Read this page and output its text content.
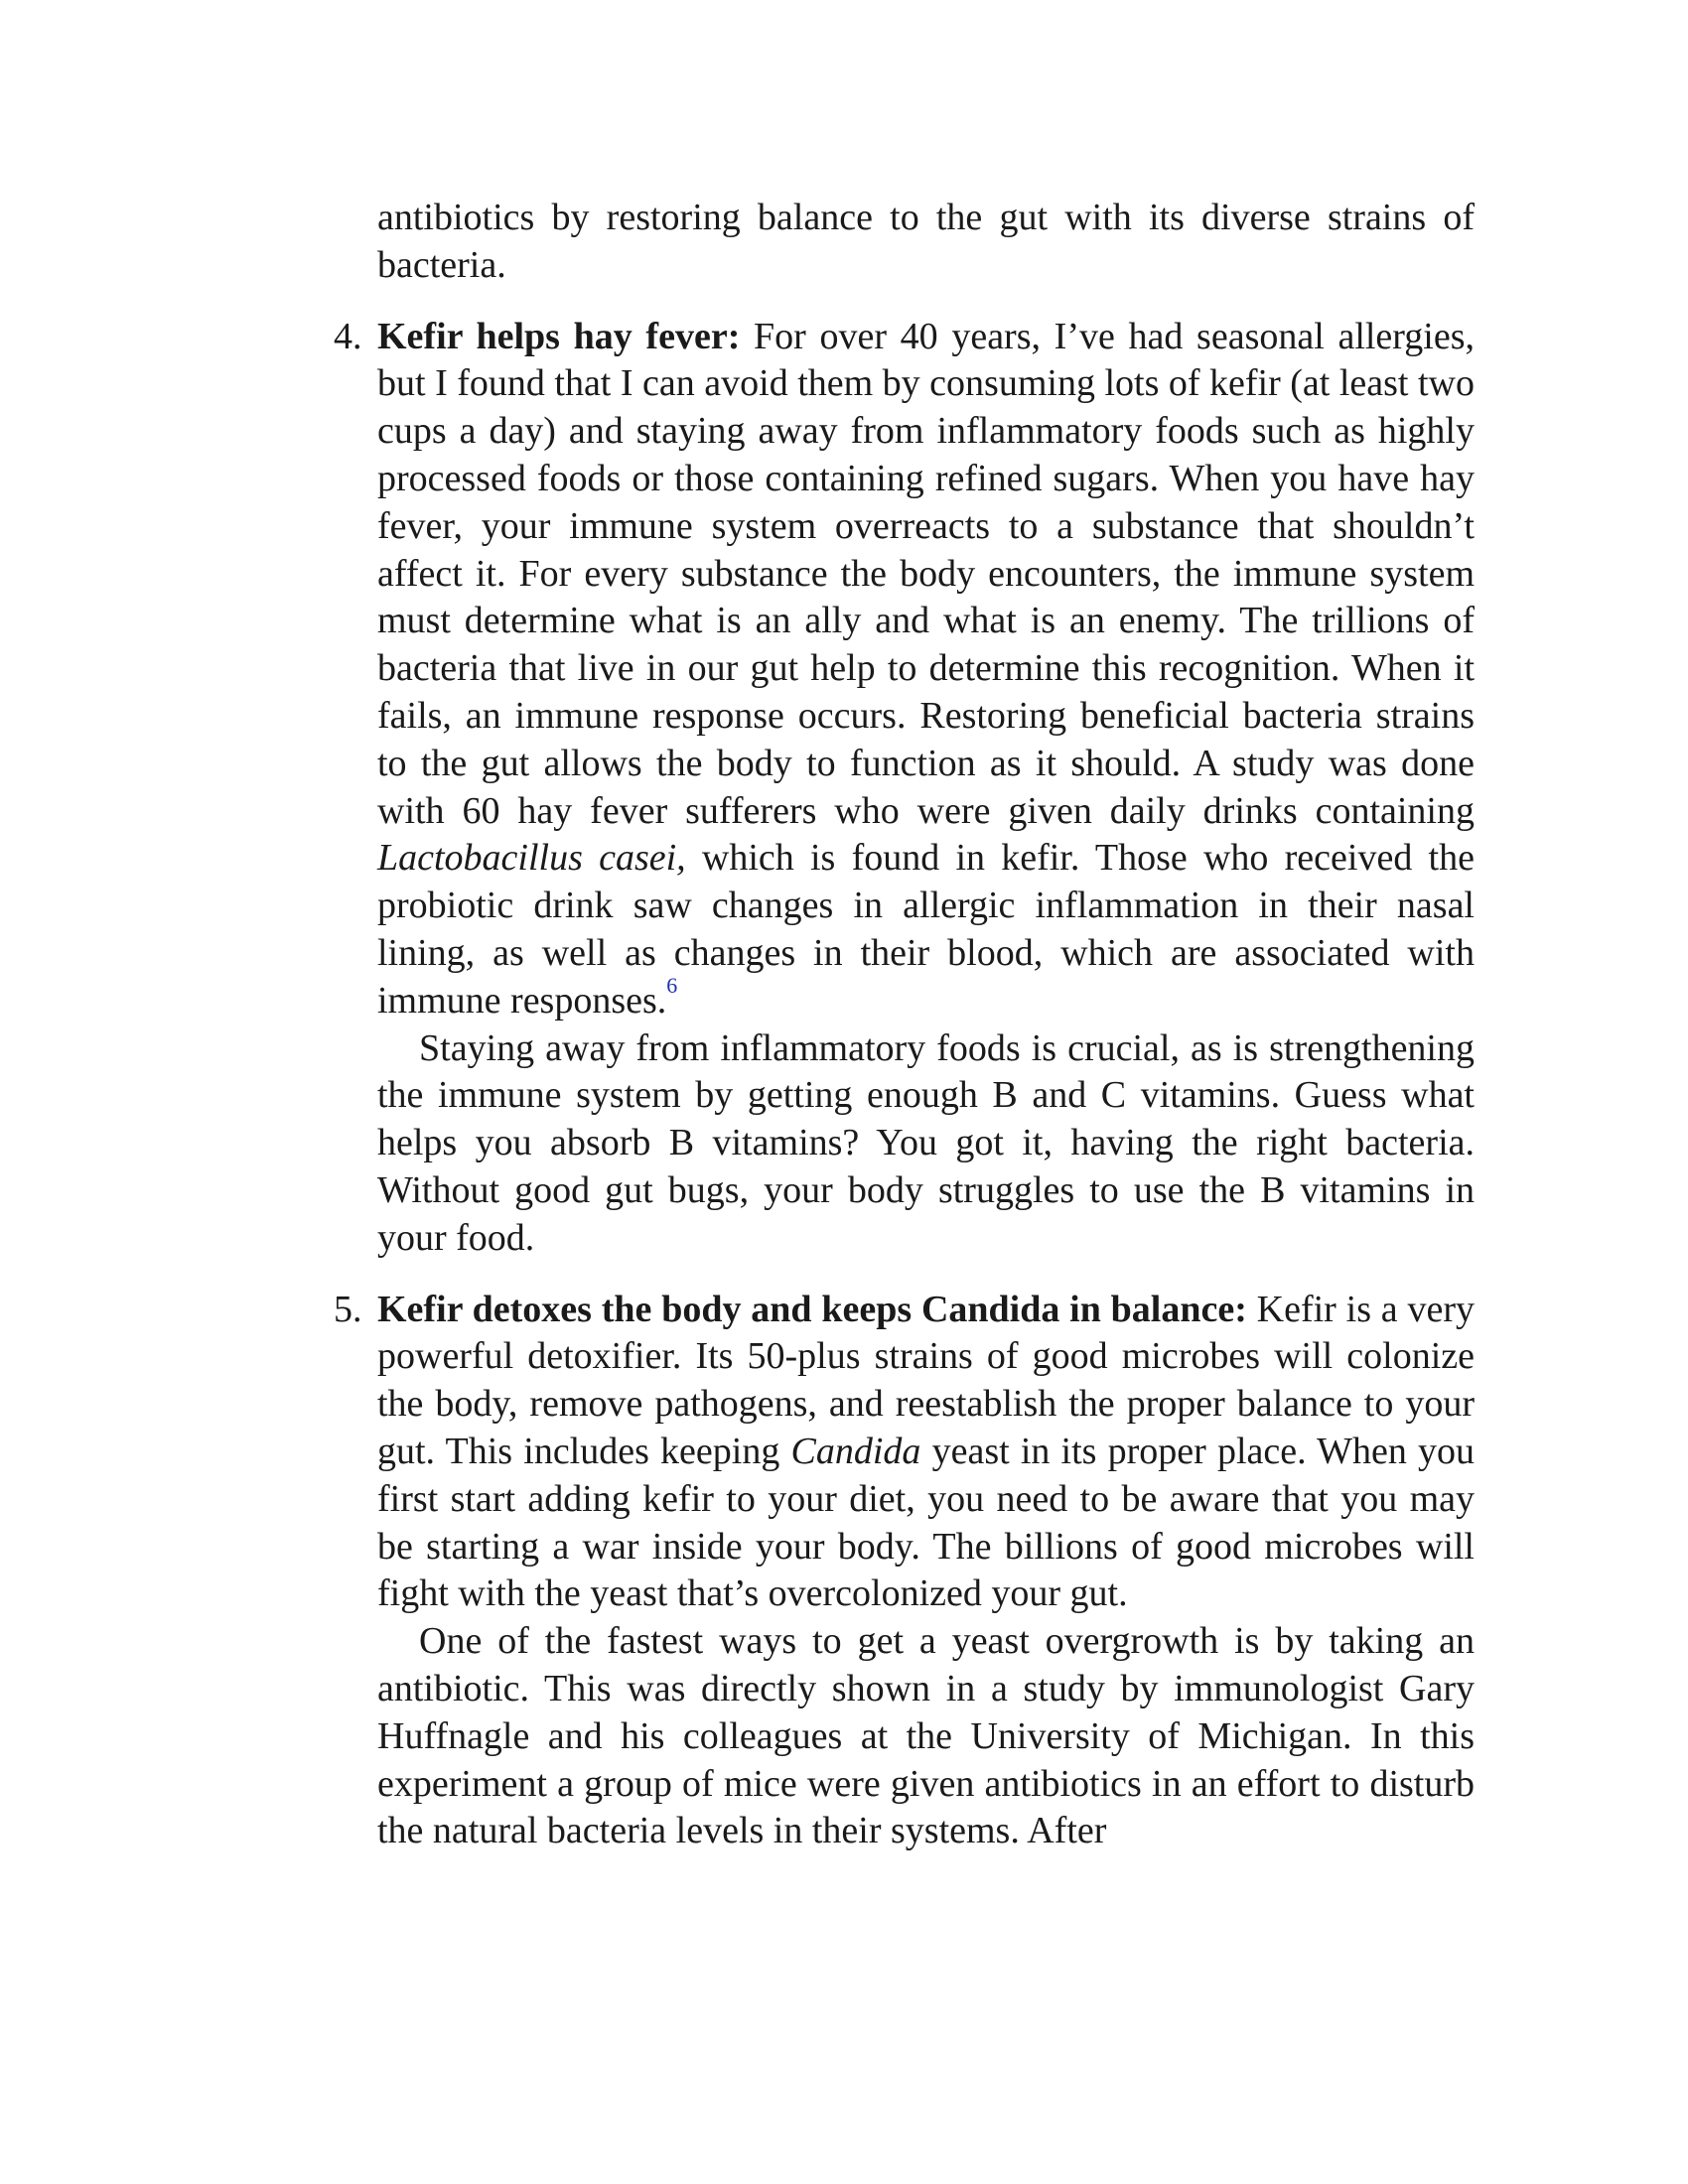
antibiotics by restoring balance to the gut with its diverse strains of bacteria.

4. Kefir helps hay fever: For over 40 years, I’ve had seasonal allergies, but I found that I can avoid them by consuming lots of kefir (at least two cups a day) and staying away from inflammatory foods such as highly processed foods or those containing refined sugars. When you have hay fever, your immune system overreacts to a substance that shouldn’t affect it. For every substance the body encounters, the immune system must determine what is an ally and what is an enemy. The trillions of bacteria that live in our gut help to determine this recognition. When it fails, an immune response occurs. Restoring beneficial bacteria strains to the gut allows the body to function as it should. A study was done with 60 hay fever sufferers who were given daily drinks containing Lactobacillus casei, which is found in kefir. Those who received the probiotic drink saw changes in allergic inflammation in their nasal lining, as well as changes in their blood, which are associated with immune responses.$^6$

Staying away from inflammatory foods is crucial, as is strengthening the immune system by getting enough B and C vitamins. Guess what helps you absorb B vitamins? You got it, having the right bacteria. Without good gut bugs, your body struggles to use the B vitamins in your food.

5. Kefir detoxes the body and keeps Candida in balance: Kefir is a very powerful detoxifier. Its 50-plus strains of good microbes will colonize the body, remove pathogens, and reestablish the proper balance to your gut. This includes keeping Candida yeast in its proper place. When you first start adding kefir to your diet, you need to be aware that you may be starting a war inside your body. The billions of good microbes will fight with the yeast that’s overcolonized your gut.

One of the fastest ways to get a yeast overgrowth is by taking an antibiotic. This was directly shown in a study by immunologist Gary Huffnagle and his colleagues at the University of Michigan. In this experiment a group of mice were given antibiotics in an effort to disturb the natural bacteria levels in their systems. After
